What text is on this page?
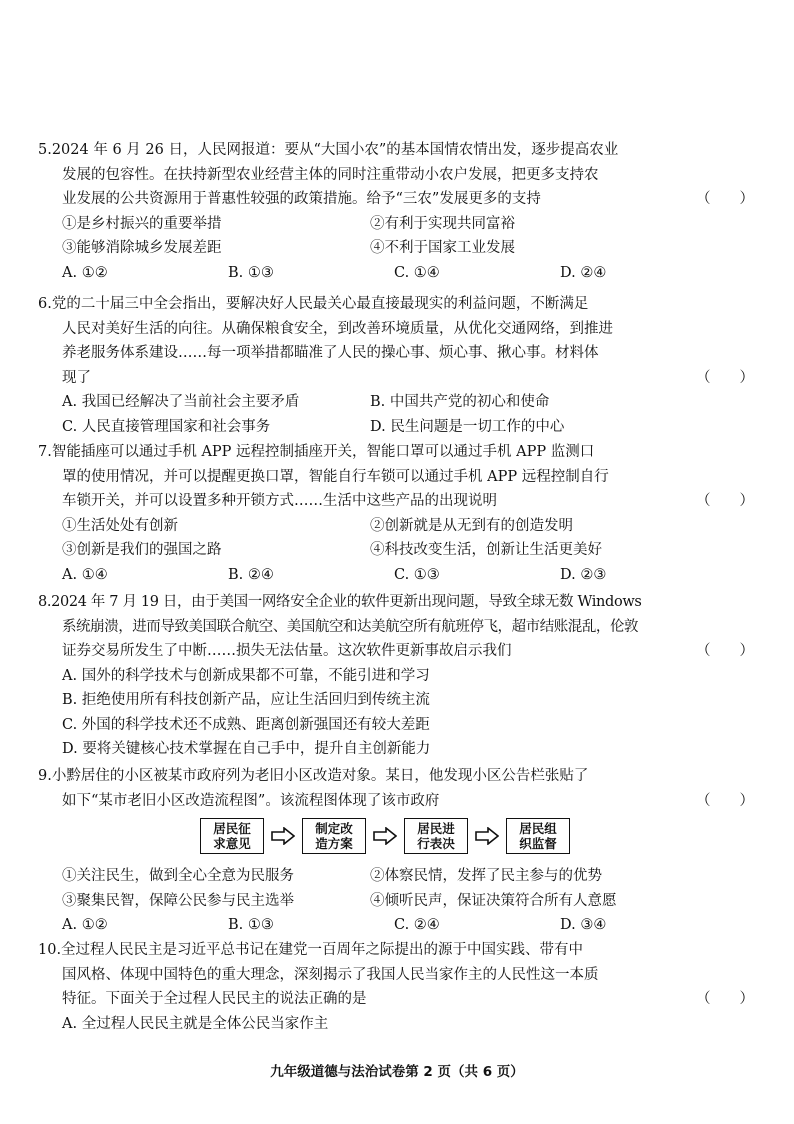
5.2024 年 6 月 26 日，人民网报道：要从“大国小农”的基本国情农情出发，逐步提高农业
发展的包容性。在扶持新型农业经营主体的同时注重带动小农户发展，把更多支持农
业发展的公共资源用于普惠性较强的政策措施。给予“三农”发展更多的支持	（　　）
①是乡村振兴的重要举措	②有利于实现共同富裕
③能够消除城乡发展差距	④不利于国家工业发展
A. ①②	B. ①③	C. ①④	D. ②④
6.党的二十届三中全会指出，要解决好人民最关心最直接最现实的利益问题，不断满足
人民对美好生活的向往。从确保粮食安全，到改善环境质量，从优化交通网络，到推进
养老服务体系建设……每一项举措都瞄准了人民的操心事、烦心事、揪心事。材料体
现了	（　　）
A. 我国已经解决了当前社会主要矛盾	B. 中国共产党的初心和使命
C. 人民直接管理国家和社会事务	D. 民生问题是一切工作的中心
7.智能插座可以通过手机 APP 远程控制插座开关，智能口罩可以通过手机 APP 监测口
罩的使用情况，并可以提醒更换口罩，智能自行车锁可以通过手机 APP 远程控制自行
车锁开关，并可以设置多种开锁方式……生活中这些产品的出现说明	（　　）
①生活处处有创新	②创新就是从无到有的创造发明
③创新是我们的强国之路	④科技改变生活，创新让生活更美好
A. ①④	B. ②④	C. ①③	D. ②③
8.2024 年 7 月 19 日，由于美国一网络安全企业的软件更新出现问题，导致全球无数 Windows
系统崩溃，进而导致美国联合航空、美国航空和达美航空所有航班停飞，超市结账混乱，伦敦
证券交易所发生了中断……损失无法估量。这次软件更新事故启示我们	（　　）
A. 国外的科学技术与创新成果都不可靠，不能引进和学习
B. 拒绝使用所有科技创新产品，应让生活回归到传统主流
C. 外国的科学技术还不成熟、距离创新强国还有较大差距
D. 要将关键核心技术掌握在自己手中，提升自主创新能力
9.小黔居住的小区被某市政府列为老旧小区改造对象。某日，他发现小区公告栏张贴了
如下“某市老旧小区改造流程图”。该流程图体现了该市政府	（　　）
居民征
求意见
制定改
造方案
居民进
行表决
居民组
织监督
①关注民生，做到全心全意为民服务	②体察民情，发挥了民主参与的优势
③聚集民智，保障公民参与民主选举	④倾听民声，保证决策符合所有人意愿
A. ①②	B. ①③	C. ②④	D. ③④
10.全过程人民民主是习近平总书记在建党一百周年之际提出的源于中国实践、带有中
国风格、体现中国特色的重大理念，深刻揭示了我国人民当家作主的人民性这一本质
特征。下面关于全过程人民民主的说法正确的是	（　　）
A. 全过程人民民主就是全体公民当家作主
九年级道德与法治试卷第 2 页（共 6 页）
